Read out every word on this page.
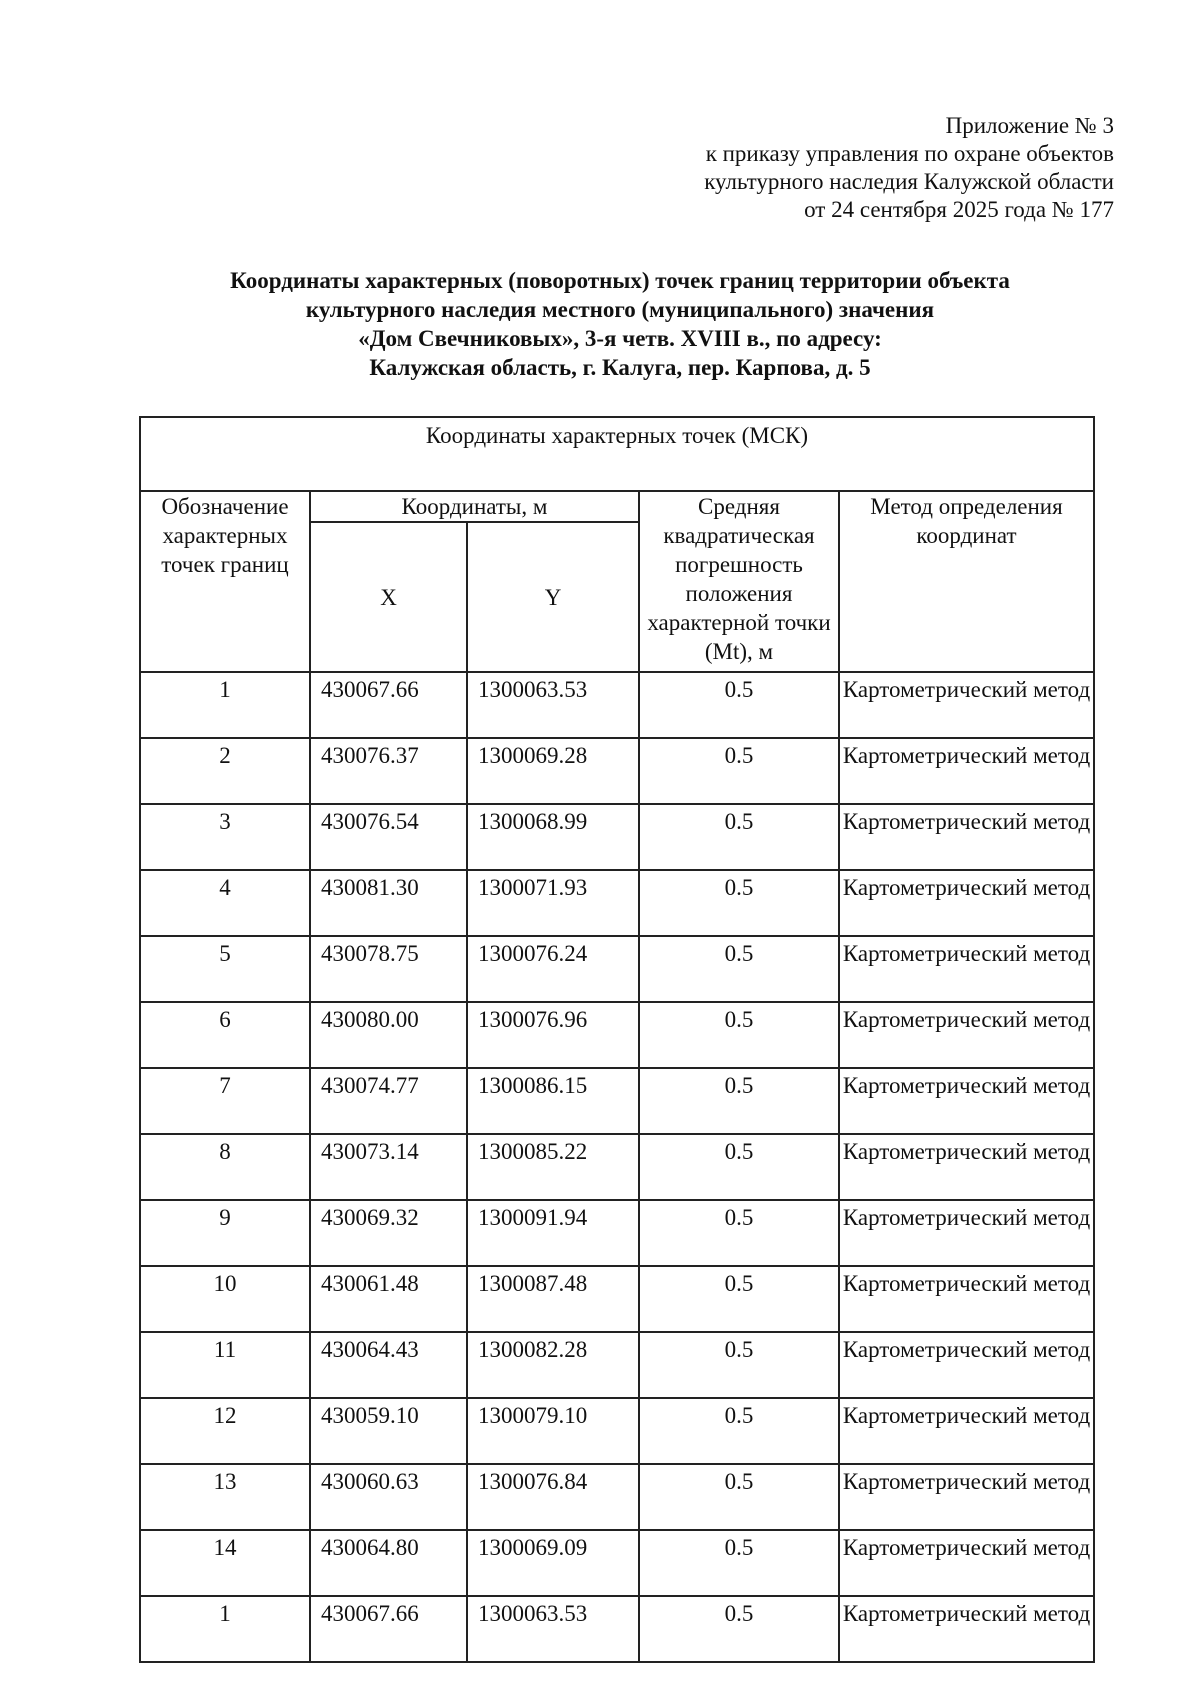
Приложение № 3
к приказу управления по охране объектов
культурного наследия Калужской области
от 24 сентября 2025 года № 177
Координаты характерных (поворотных) точек границ территории объекта
культурного наследия местного (муниципального) значения
«Дом Свечниковых», 3-я четв. XVIII в., по адресу:
Калужская область, г. Калуга, пер. Карпова, д. 5
Координаты характерных точек (МСК)				

Обозначение характерных точек границ	Координаты, м		Средняя квадратическая погрешность положения характерной точки (Mt), м	Метод определения координат
	X	Y		
1	430067.66	1300063.53	0.5	Картометрический метод
2	430076.37	1300069.28	0.5	Картометрический метод
3	430076.54	1300068.99	0.5	Картометрический метод
4	430081.30	1300071.93	0.5	Картометрический метод
5	430078.75	1300076.24	0.5	Картометрический метод
6	430080.00	1300076.96	0.5	Картометрический метод
7	430074.77	1300086.15	0.5	Картометрический метод
8	430073.14	1300085.22	0.5	Картометрический метод
9	430069.32	1300091.94	0.5	Картометрический метод
10	430061.48	1300087.48	0.5	Картометрический метод
11	430064.43	1300082.28	0.5	Картометрический метод
12	430059.10	1300079.10	0.5	Картометрический метод
13	430060.63	1300076.84	0.5	Картометрический метод
14	430064.80	1300069.09	0.5	Картометрический метод
1	430067.66	1300063.53	0.5	Картометрический метод
